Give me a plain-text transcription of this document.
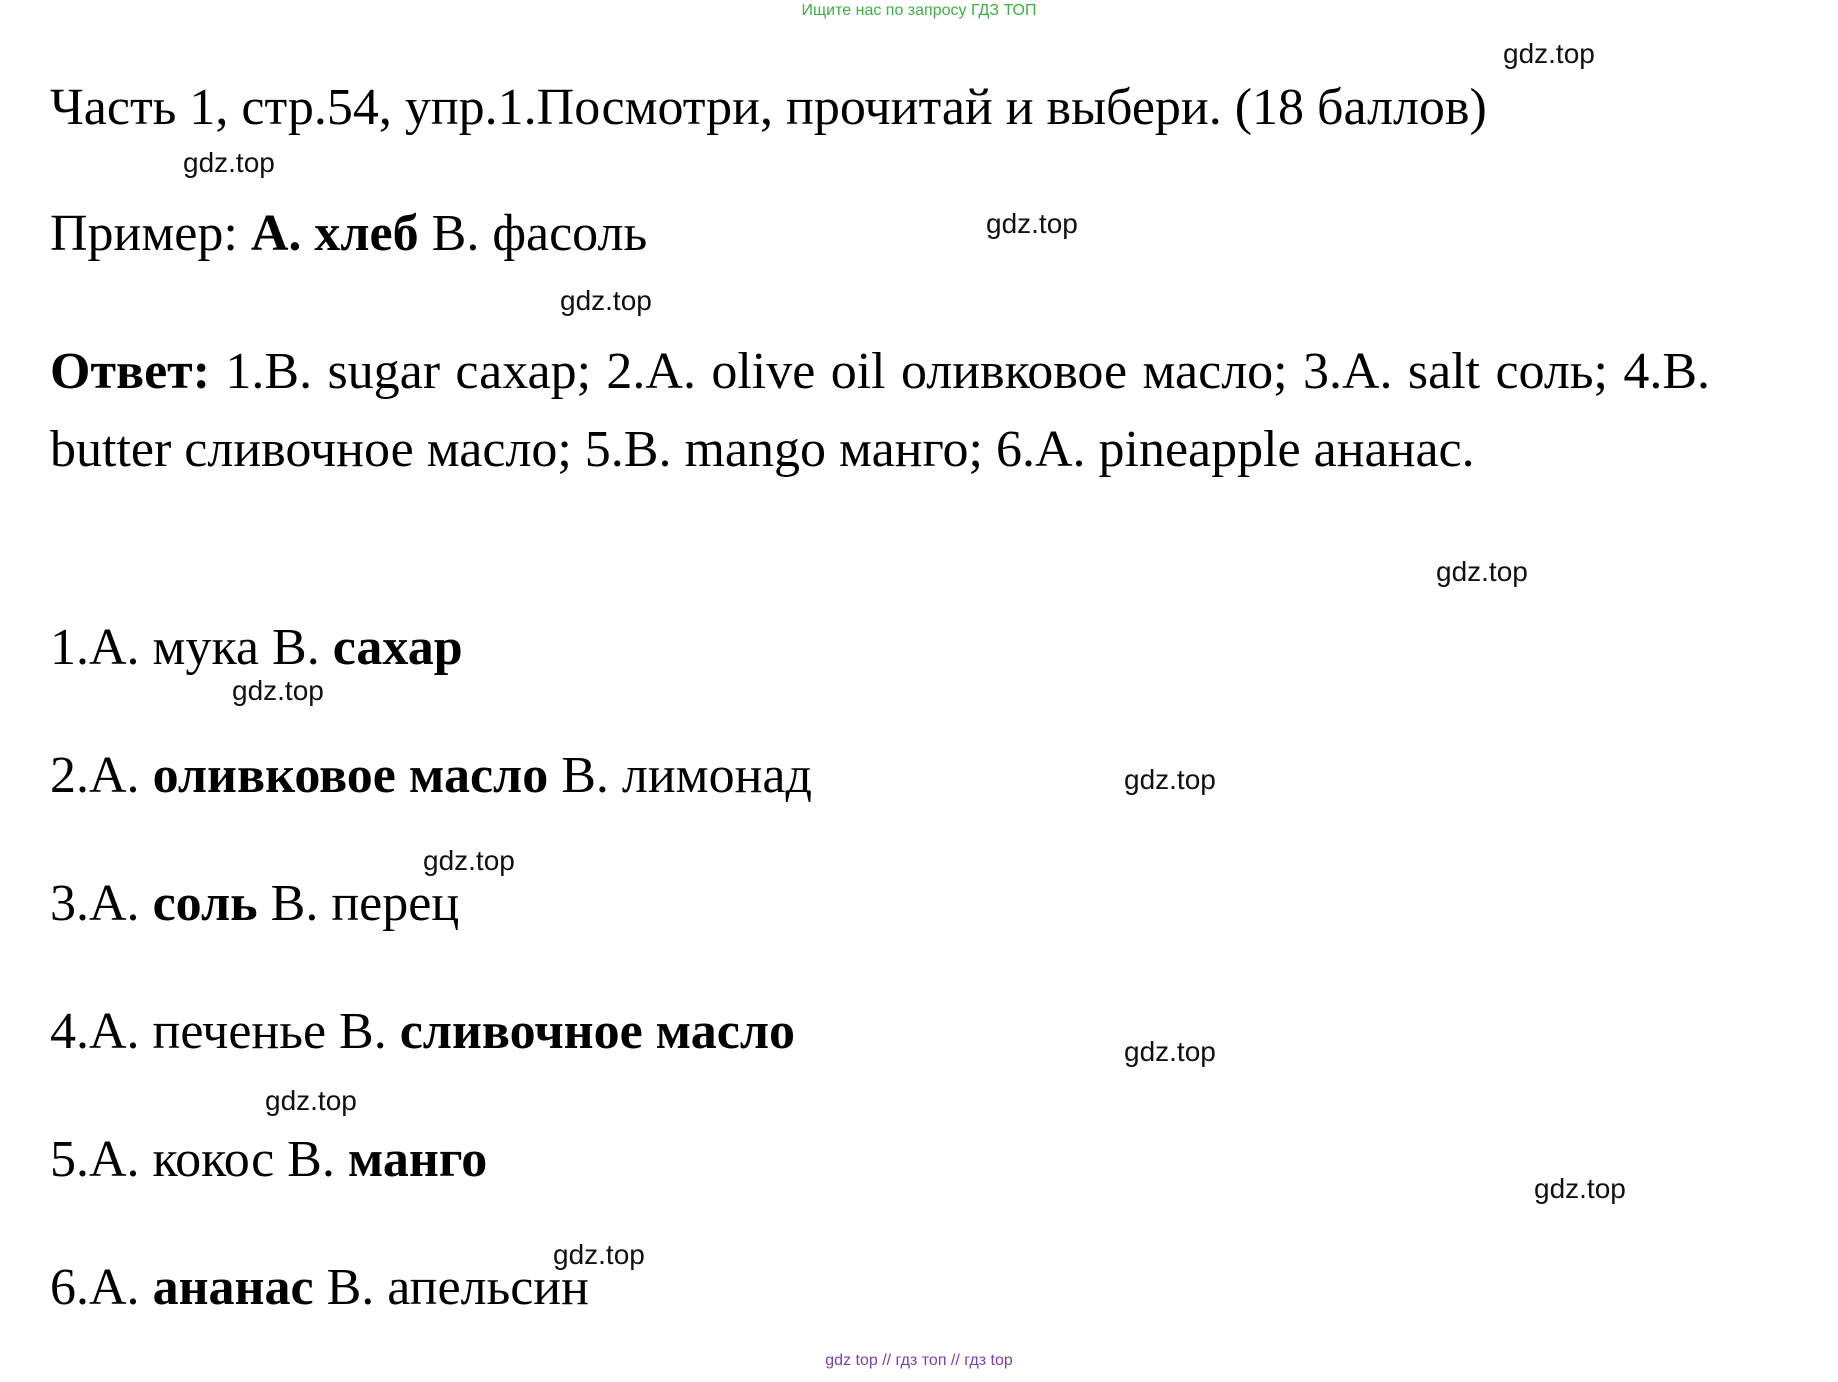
Ищите нас по запросу ГДЗ ТОП
Часть 1, стр.54, упр.1.Посмотри, прочитай и выбери. (18 баллов)
Пример: A. хлеб B. фасоль
Ответ: 1.B. sugar сахар; 2.A. olive oil оливковое масло; 3.A. salt соль; 4.B. butter сливочное масло; 5.B. mango манго; 6.A. pineapple ананас.
1.A. мука B. сахар
2.A. оливковое масло B. лимонад
3.A. соль B. перец
4.A. печенье B. сливочное масло
5.A. кокос B. манго
6.A. ананас B. апельсин
gdz.top
gdz.top
gdz.top
gdz.top
gdz.top
gdz.top
gdz.top
gdz.top
gdz.top
gdz.top
gdz.top
gdz.top
gdz top // гдз топ // гдз top
